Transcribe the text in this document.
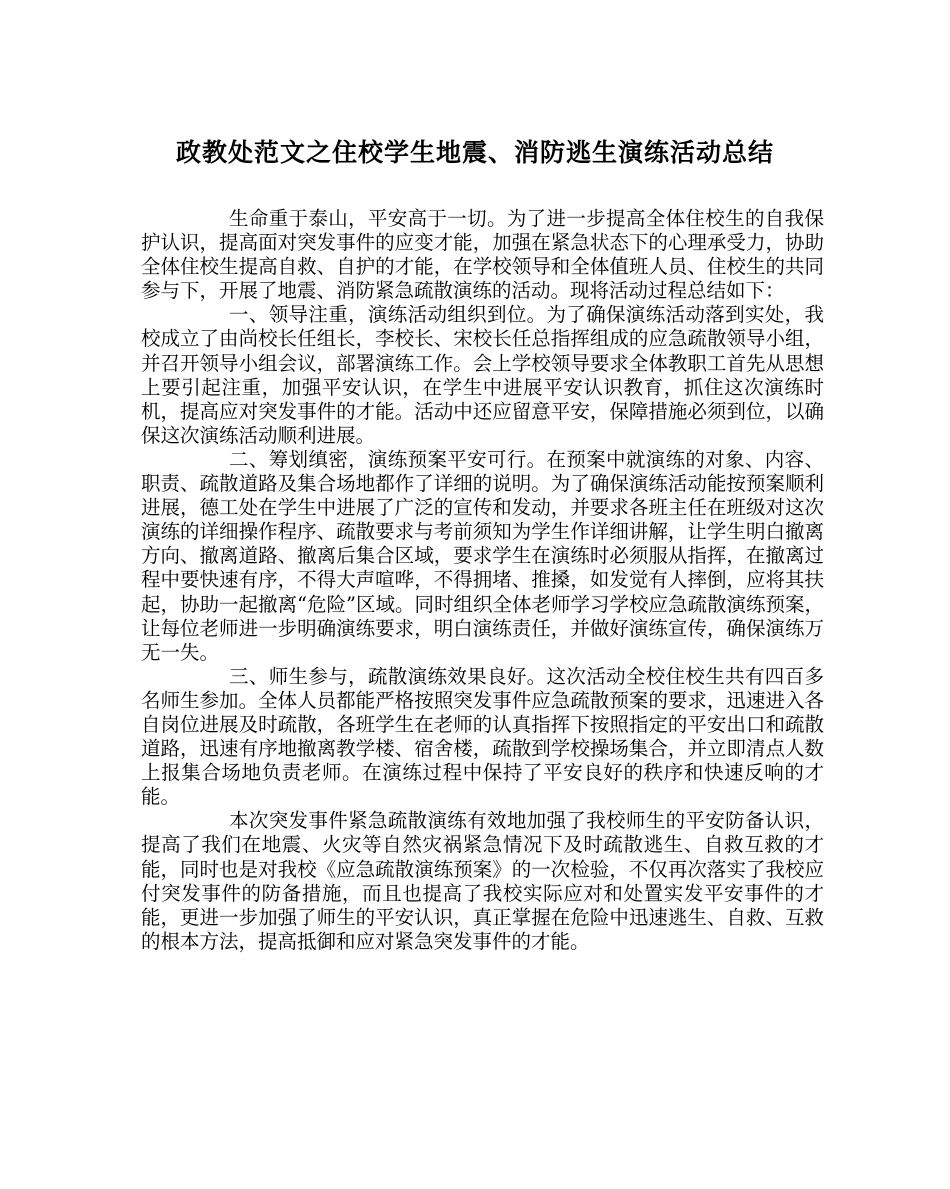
政教处范文之住校学生地震、消防逃生演练活动总结

生命重于泰山，平安高于一切。为了进一步提高全体住校生的自我保护认识，提高面对突发事件的应变才能，加强在紧急状态下的心理承受力，协助全体住校生提高自救、自护的才能，在学校领导和全体值班人员、住校生的共同参与下，开展了地震、消防紧急疏散演练的活动。现将活动过程总结如下：

一、领导注重，演练活动组织到位。为了确保演练活动落到实处，我校成立了由尚校长任组长，李校长、宋校长任总指挥组成的应急疏散领导小组，并召开领导小组会议，部署演练工作。会上学校领导要求全体教职工首先从思想上要引起注重，加强平安认识，在学生中进展平安认识教育，抓住这次演练时机，提高应对突发事件的才能。活动中还应留意平安，保障措施必须到位，以确保这次演练活动顺利进展。

二、筹划缜密，演练预案平安可行。在预案中就演练的对象、内容、职责、疏散道路及集合场地都作了详细的说明。为了确保演练活动能按预案顺利进展，德工处在学生中进展了广泛的宣传和发动，并要求各班主任在班级对这次演练的详细操作程序、疏散要求与考前须知为学生作详细讲解，让学生明白撤离方向、撤离道路、撤离后集合区域，要求学生在演练时必须服从指挥，在撤离过程中要快速有序，不得大声喧哗，不得拥堵、推搡，如发觉有人摔倒，应将其扶起，协助一起撤离“危险”区域。同时组织全体老师学习学校应急疏散演练预案，让每位老师进一步明确演练要求，明白演练责任，并做好演练宣传，确保演练万无一失。

三、师生参与，疏散演练效果良好。这次活动全校住校生共有四百多名师生参加。全体人员都能严格按照突发事件应急疏散预案的要求，迅速进入各自岗位进展及时疏散，各班学生在老师的认真指挥下按照指定的平安出口和疏散道路，迅速有序地撤离教学楼、宿舍楼，疏散到学校操场集合，并立即清点人数上报集合场地负责老师。在演练过程中保持了平安良好的秩序和快速反响的才能。

本次突发事件紧急疏散演练有效地加强了我校师生的平安防备认识，提高了我们在地震、火灾等自然灾祸紧急情况下及时疏散逃生、自救互救的才能，同时也是对我校《应急疏散演练预案》的一次检验，不仅再次落实了我校应付突发事件的防备措施，而且也提高了我校实际应对和处置实发平安事件的才能，更进一步加强了师生的平安认识，真正掌握在危险中迅速逃生、自救、互救的根本方法，提高抵御和应对紧急突发事件的才能。
